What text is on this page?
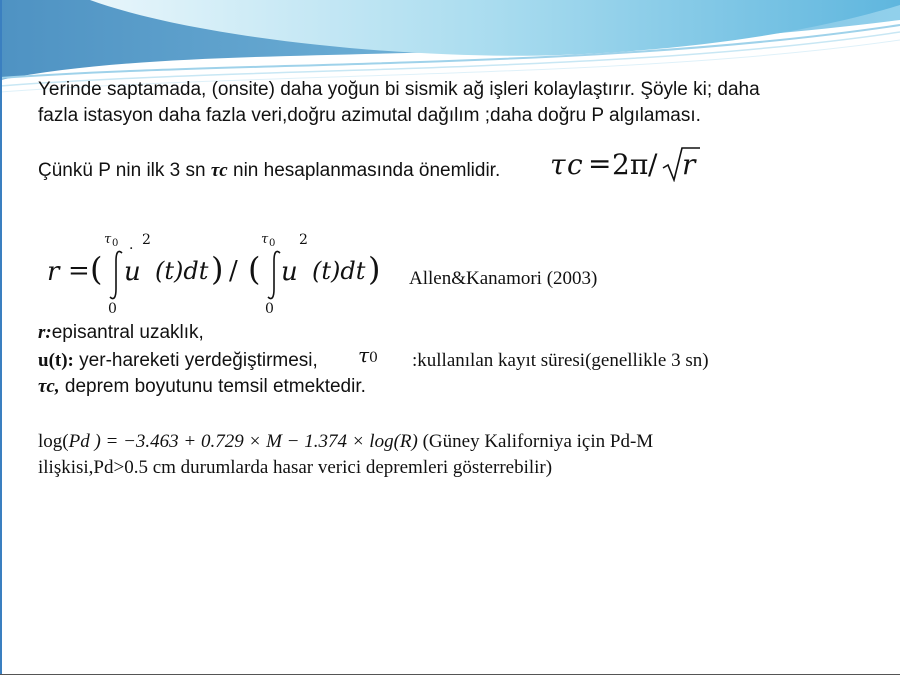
Yerinde saptamada, (onsite) daha yoğun bi sismik ağ işleri kolaylaştırır. Şöyle ki; daha
fazla istasyon daha fazla veri,doğru azimutal dağılım ;daha doğru P algılaması.
Çünkü P nin ilk 3 sn τc nin hesaplanmasında önemlidir. τ c = 2π / r
r = (
τ 0
0
·
u
2
(t)dt ) / (
τ 0
0
u
2
(t)dt ) Allen&Kanamori (2003)
r:episantral uzaklık,
u(t): yer-hareketi yerdeğiştirmesi, τ 0 :kullanılan kayıt süresi(genellikle 3 sn)
τc, deprem boyutunu temsil etmektedir.
log(Pd ) = −3.463 + 0.729 × M − 1.374 × log(R) (Güney Kaliforniya için Pd-M
ilişkisi,Pd>0.5 cm durumlarda hasar verici depremleri gösterrebilir)
